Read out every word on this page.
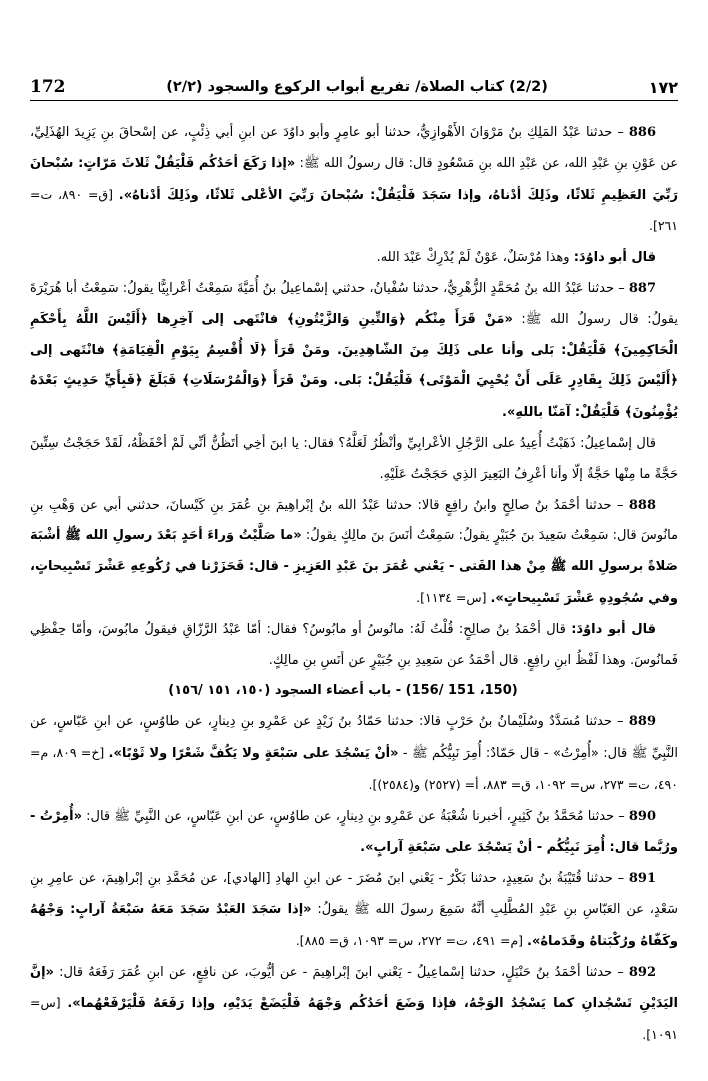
172	(2/2) كتاب الصلاة/ تفريع أبواب الركوع والسجود (٢/٢)	١٧٢

886 – حدثنا عَبْدُ المَلِكِ بنُ مَرْوَانَ الأَهْوازِيُّ، حدثنا أبو عامِرٍ وأبو داوُدَ عن ابنِ أبي ذِئْبٍ، عن إسْحاقَ بنِ يَزِيدَ الهُذَلِيِّ، عن عَوْنِ بنِ عَبْدِ الله، عن عَبْدِ الله بنِ مَسْعُودٍ قال: قال رسولُ الله ﷺ: «إذا رَكَعَ أحَدُكُم فَلْيَقُلْ ثَلاثَ مَرّاتٍ: سُبْحانَ رَبِّيَ العَظِيمِ ثَلاثًا، وذَلِكَ أدْناهُ، وإذا سَجَدَ فَلْيَقُلْ: سُبْحانَ رَبِّيَ الأعْلى ثَلاثًا، وذَلِكَ أدْناهُ». [ق= ٨٩٠، ت= ٢٦١].

قال أبو داوُدَ: وهذا مُرْسَلٌ، عَوْنٌ لَمْ يُدْرِكْ عَبْدَ الله.

887 – حدثنا عَبْدُ الله بنُ مُحَمَّدٍ الزُّهْرِيُّ، حدثنا سُفْيانُ، حدثني إسْماعِيلُ بنُ أُمَيَّةَ سَمِعْتُ أعْرابِيًّا يقولُ: سَمِعْتُ أبا هُرَيْرَةَ يقولُ: قال رسولُ الله ﷺ: «مَنْ قَرَأَ مِنْكُم ﴿وَالتِّينِ وَالزَّيْتُونِ﴾ فانْتَهى إلى آخِرِها ﴿أَلَيْسَ اللَّهُ بِأَحْكَمِ الْحَاكِمِينَ﴾ فَلْيَقُلْ: بَلى وأنا على ذَلِكَ مِنَ الشّاهِدِينَ. ومَنْ قَرَأَ ﴿لَا أُقْسِمُ بِيَوْمِ الْقِيَامَةِ﴾ فانْتَهى إلى ﴿أَلَيْسَ ذَلِكَ بِقَادِرٍ عَلَى أَنْ يُحْيِيَ الْمَوْتَى﴾ فَلْيَقُلْ: بَلى. ومَنْ قَرَأَ ﴿وَالْمُرْسَلَاتِ﴾ فَبَلَغَ ﴿فَبِأَيِّ حَدِيثٍ بَعْدَهُ يُؤْمِنُونَ﴾ فَلْيَقُلْ: آمَنّا باللهِ».

قال إسْماعِيلُ: ذَهَبْتُ أُعِيدُ على الرَّجُلِ الأعْرابِيِّ وأنْظُرُ لَعَلَّهُ؟ فقال: يا ابنَ أخِي أتَظُنُّ أنِّي لَمْ أحْفَظْهُ، لَقَدْ حَجَجْتُ سِتِّينَ حَجَّةً ما مِنْها حَجَّةٌ إلّا وأنا أعْرِفُ البَعِيرَ الذِي حَجَجْتُ عَلَيْهِ.

888 – حدثنا أحْمَدُ بنُ صالِحٍ وابنُ رافِعٍ قالا: حدثنا عَبْدُ الله بنُ إبْراهِيمَ بنِ عُمَرَ بنِ كَيْسانَ، حدثني أبي عن وَهْبِ بنِ مانُوسَ قال: سَمِعْتُ سَعِيدَ بنَ جُبَيْرٍ يقولُ: سَمِعْتُ أنَسَ بنَ مالِكٍ يقولُ: «ما صَلَّيْتُ وَراءَ أحَدٍ بَعْدَ رسولِ الله ﷺ أشْبَهَ صَلاةً برسولِ الله ﷺ مِنْ هذا الفَتى - يَعْني عُمَرَ بنَ عَبْدِ العَزِيزِ - قال: فَحَزَرْنا في رُكُوعِهِ عَشْرَ تَسْبِيحاتٍ، وفي سُجُودِهِ عَشْرَ تَسْبِيحاتٍ». [س= ١١٣٤].

قال أبو داوُدَ: قال أحْمَدُ بنُ صالِحٍ: قُلْتُ لَهُ: مانُوسُ أو مابُوسُ؟ فقال: أمّا عَبْدُ الرَّزّاقِ فيقولُ مابُوسَ، وأمّا حِفْظِي فَمانُوسَ. وهذا لَفْظُ ابنِ رافِعٍ. قال أحْمَدُ عن سَعِيدِ بنِ جُبَيْرٍ عن أنَسِ بنِ مالِكٍ.

(150، 151 /156) - باب أعضاء السجود (١٥٠، ١٥١ /١٥٦)

889 – حدثنا مُسَدَّدٌ وسُلَيْمانُ بنُ حَرْبٍ قالا: حدثنا حَمّادُ بنُ زَيْدٍ عن عَمْرِو بنِ دِينارٍ، عن طاوُسٍ، عن ابنِ عَبّاسٍ، عن النَّبِيِّ ﷺ قال: «أُمِرْتُ» - قال حَمّادٌ: أُمِرَ نَبِيُّكُم ﷺ - «أنْ يَسْجُدَ على سَبْعَةٍ ولا يَكُفَّ شَعْرًا ولا ثَوْبًا». [خ= ٨٠٩، م= ٤٩٠، ت= ٢٧٣، س= ١٠٩٢، ق= ٨٨٣، أ= (٢٥٢٧) و(٢٥٨٤)].

890 – حدثنا مُحَمَّدُ بنُ كَثِيرٍ، أخبرنا شُعْبَةُ عن عَمْرِو بنِ دِينارٍ، عن طاوُسٍ، عن ابنِ عَبّاسٍ، عن النَّبِيِّ ﷺ قال: «أُمِرْتُ - ورُبَّما قال: أُمِرَ نَبِيُّكُم - أنْ يَسْجُدَ على سَبْعَةِ آرابٍ».

891 – حدثنا قُتَيْبَةُ بنُ سَعِيدٍ، حدثنا بَكْرٌ - يَعْني ابنَ مُضَرَ - عن ابنِ الهادِ [الهادي]، عن مُحَمَّدِ بنِ إبْراهِيمَ، عن عامِرِ بنِ سَعْدٍ، عن العَبّاسِ بنِ عَبْدِ المُطَّلِبِ أنَّهُ سَمِعَ رسولَ الله ﷺ يقولُ: «إذا سَجَدَ العَبْدُ سَجَدَ مَعَهُ سَبْعَةُ آرابٍ: وَجْهُهُ وكَفّاهُ ورُكْبَتاهُ وقَدَماهُ». [م= ٤٩١، ت= ٢٧٢، س= ١٠٩٣، ق= ٨٨٥].

892 – حدثنا أحْمَدُ بنُ حَنْبَلٍ، حدثنا إسْماعِيلُ - يَعْني ابنَ إبْراهِيمَ - عن أيُّوبَ، عن نافِعٍ، عن ابنِ عُمَرَ رَفَعَهُ قال: «إنَّ اليَدَيْنِ تَسْجُدانِ كما يَسْجُدُ الوَجْهُ، فإذا وَضَعَ أحَدُكُم وَجْهَهُ فَلْيَضَعْ يَدَيْهِ، وإذا رَفَعَهُ فَلْيَرْفَعْهُما». [س= ١٠٩١].
